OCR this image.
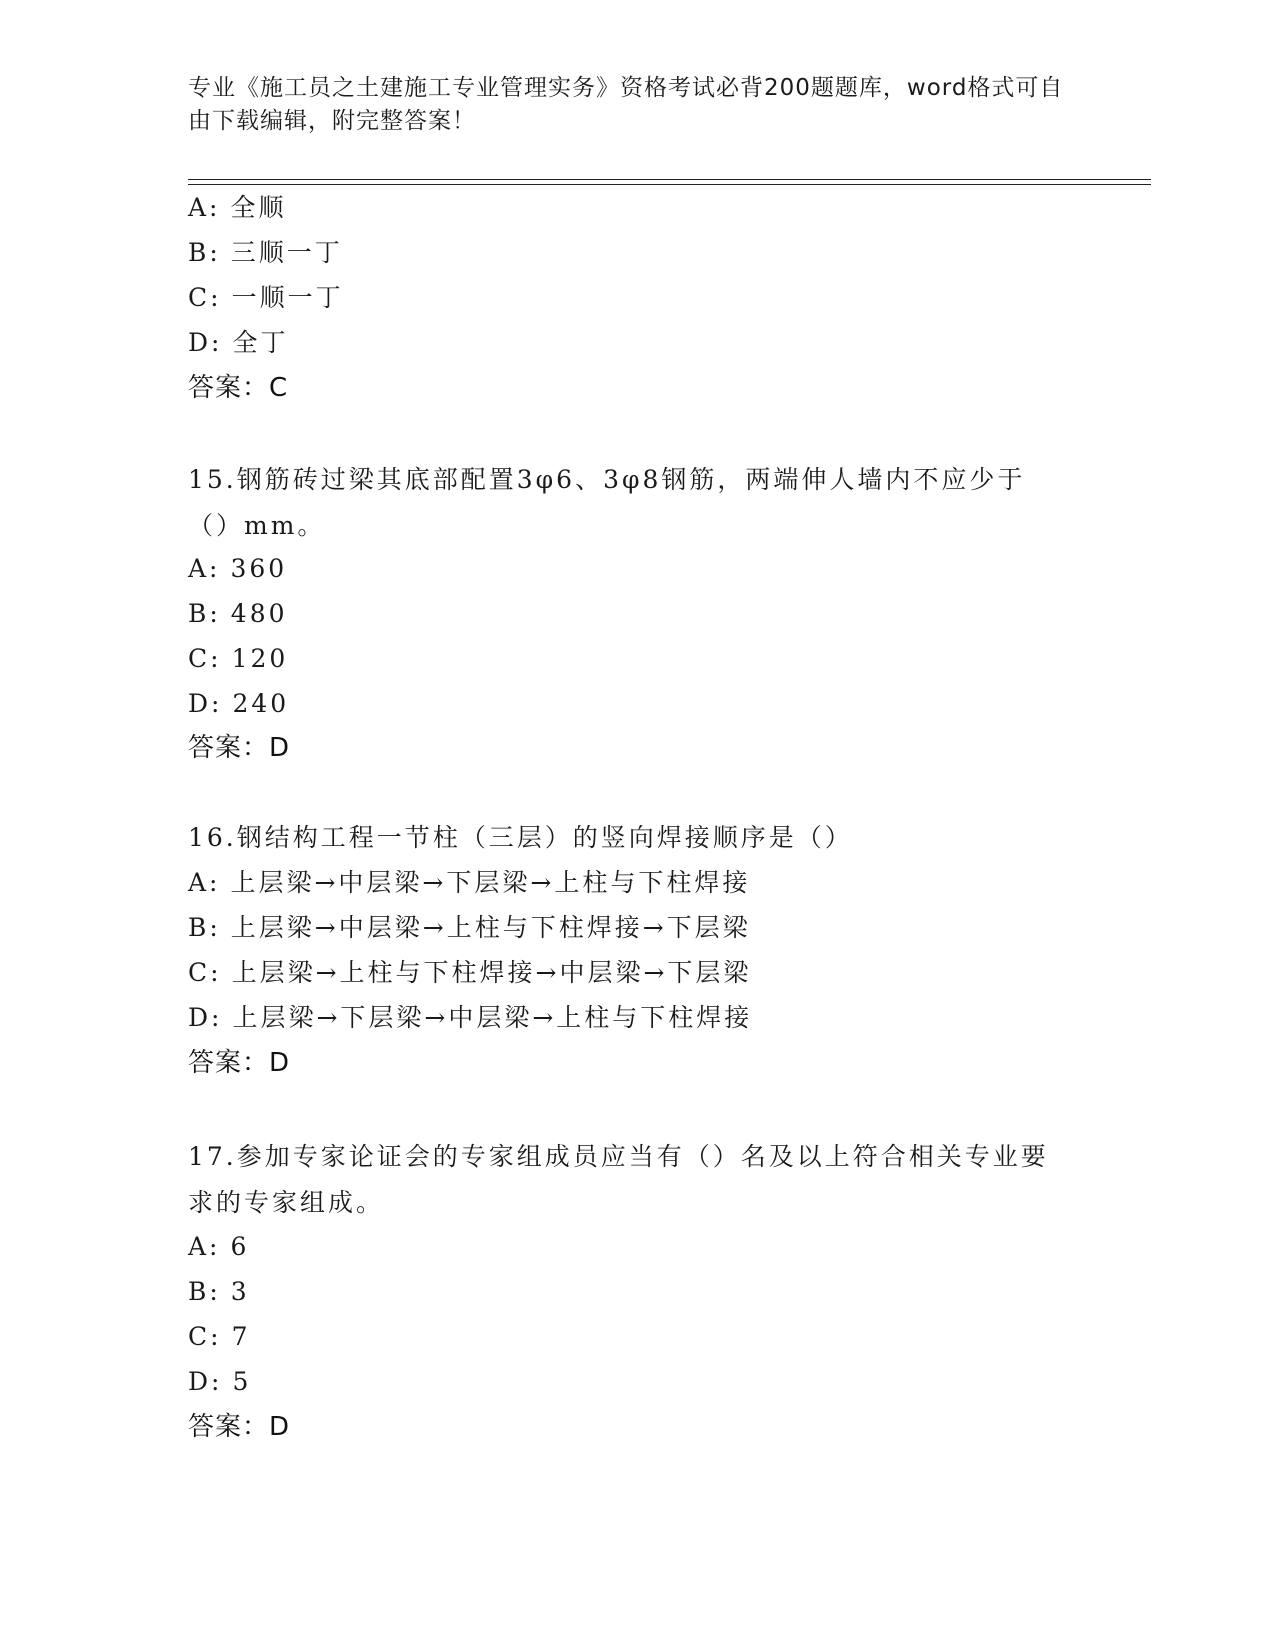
专业《施工员之土建施工专业管理实务》资格考试必背200题题库，word格式可自由下载编辑，附完整答案！
A: 全顺
B: 三顺一丁
C: 一顺一丁
D: 全丁
答案：C
15.钢筋砖过梁其底部配置3φ6、3φ8钢筋，两端伸人墙内不应少于（）mm。
A: 360
B: 480
C: 120
D: 240
答案：D
16.钢结构工程一节柱（三层）的竖向焊接顺序是（）
A: 上层梁→中层梁→下层梁→上柱与下柱焊接
B: 上层梁→中层梁→上柱与下柱焊接→下层梁
C: 上层梁→上柱与下柱焊接→中层梁→下层梁
D: 上层梁→下层梁→中层梁→上柱与下柱焊接
答案：D
17.参加专家论证会的专家组成员应当有（）名及以上符合相关专业要求的专家组成。
A: 6
B: 3
C: 7
D: 5
答案：D
